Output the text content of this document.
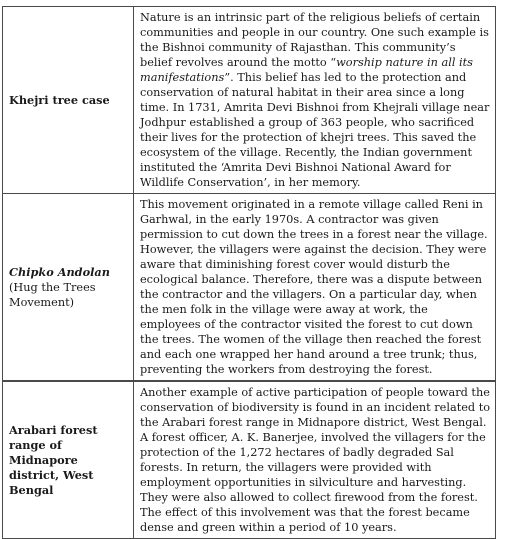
Khejri tree case	Nature is an intrinsic part of the religious beliefs of certain communities and people in our country. One such example is the Bishnoi community of Rajasthan. This community’s belief revolves around the motto “worship nature in all its manifestations”. This belief has led to the protection and conservation of natural habitat in their area since a long time. In 1731, Amrita Devi Bishnoi from Khejrali village near Jodhpur established a group of 363 people, who sacrificed their lives for the protection of khejri trees. This saved the ecosystem of the village. Recently, the Indian government instituted the ‘Amrita Devi Bishnoi National Award for Wildlife Conservation’, in her memory.
Chipko Andolan (Hug the Trees Movement)	This movement originated in a remote village called Reni in Garhwal, in the early 1970s. A contractor was given permission to cut down the trees in a forest near the village. However, the villagers were against the decision. They were aware that diminishing forest cover would disturb the ecological balance. Therefore, there was a dispute between the contractor and the villagers. On a particular day, when the men folk in the village were away at work, the employees of the contractor visited the forest to cut down the trees. The women of the village then reached the forest and each one wrapped her hand around a tree trunk; thus, preventing the workers from destroying the forest.
Arabari forest range of Midnapore district, West Bengal	Another example of active participation of people toward the conservation of biodiversity is found in an incident related to the Arabari forest range in Midnapore district, West Bengal. A forest officer, A. K. Banerjee, involved the villagers for the protection of the 1,272 hectares of badly degraded Sal forests. In return, the villagers were provided with employment opportunities in silviculture and harvesting. They were also allowed to collect firewood from the forest. The effect of this involvement was that the forest became dense and green within a period of 10 years.
